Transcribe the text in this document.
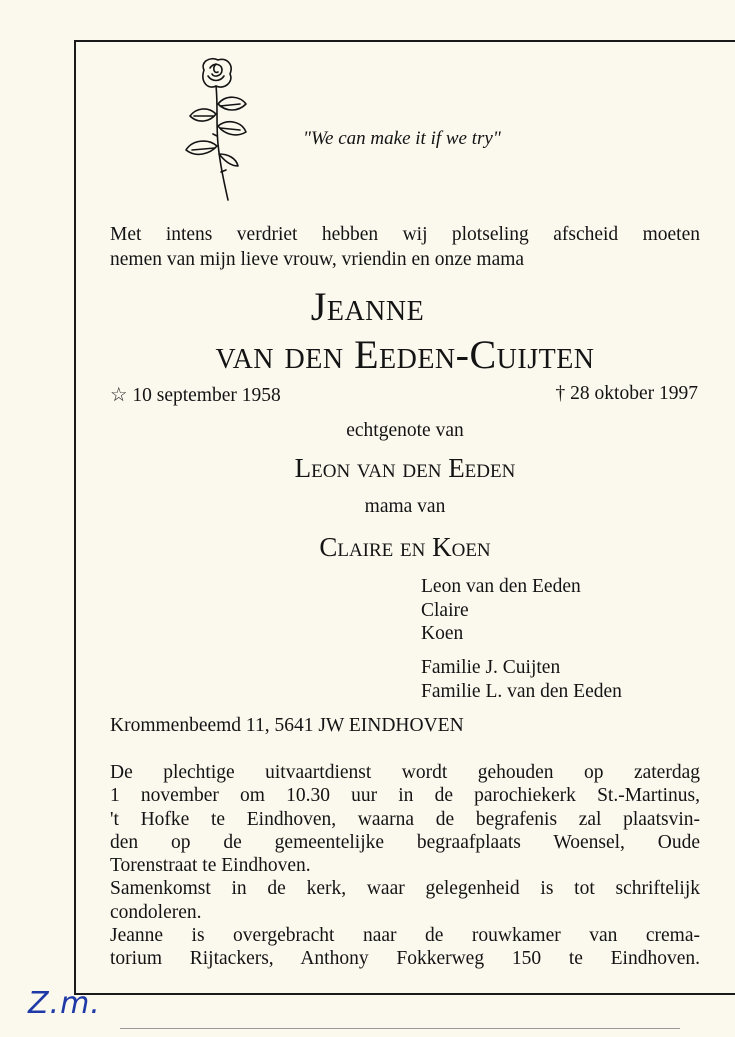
"We can make it if we try"
Met intens verdriet hebben wij plotseling afscheid moeten
nemen van mijn lieve vrouw, vriendin en onze mama
Jeanne
van den Eeden-Cuijten
☆ 10 september 1958	† 28 oktober 1997
echtgenote van
Leon van den Eeden
mama van
Claire en Koen
Leon van den Eeden
Claire
Koen
Familie J. Cuijten
Familie L. van den Eeden
Krommenbeemd 11, 5641 JW EINDHOVEN
De plechtige uitvaartdienst wordt gehouden op zaterdag
1 november om 10.30 uur in de parochiekerk St.-Martinus,
't Hofke te Eindhoven, waarna de begrafenis zal plaatsvin-
den op de gemeentelijke begraafplaats Woensel, Oude
Torenstraat te Eindhoven.
Samenkomst in de kerk, waar gelegenheid is tot schriftelijk
condoleren.
Jeanne is overgebracht naar de rouwkamer van crema-
torium Rijtackers, Anthony Fokkerweg 150 te Eindhoven.
Z.m.
